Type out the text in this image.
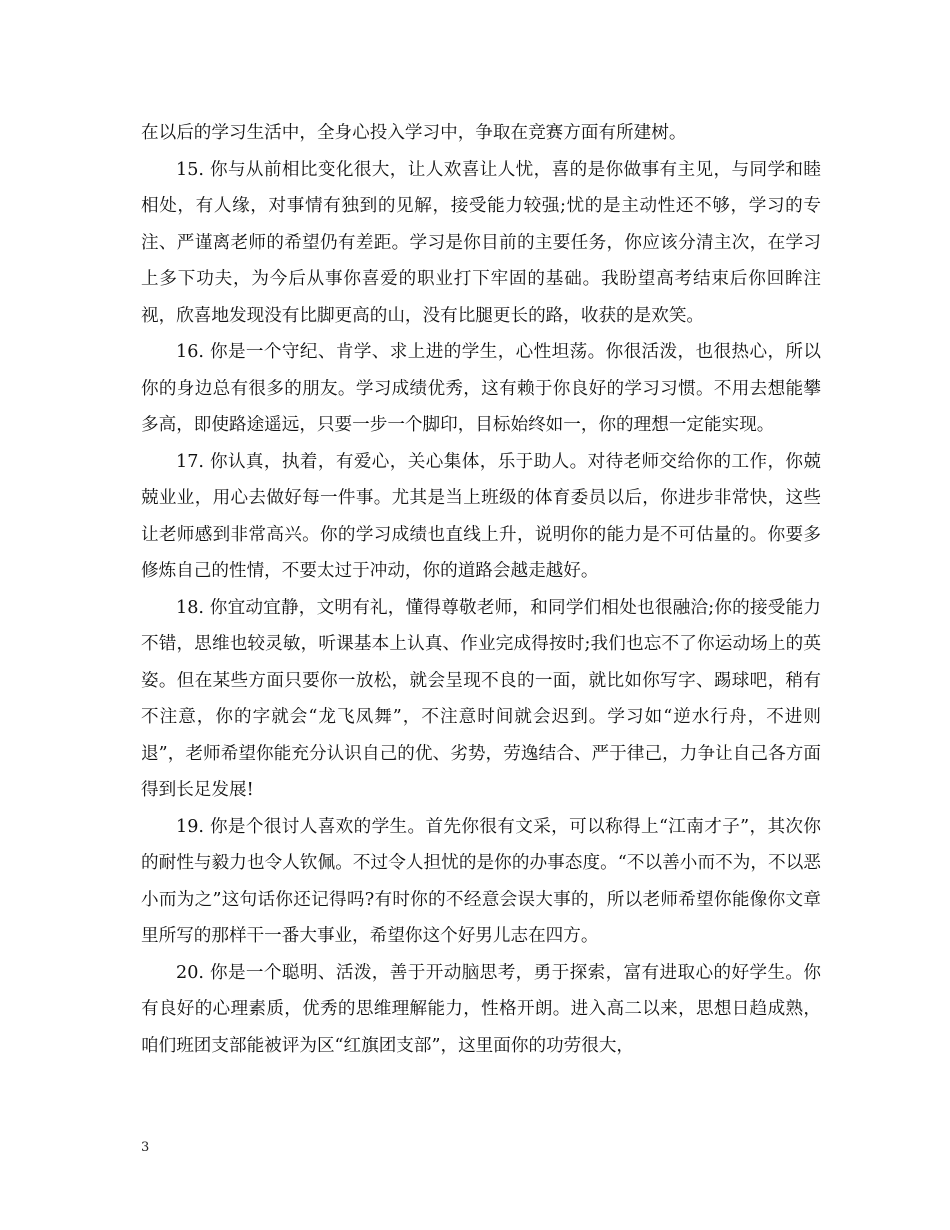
在以后的学习生活中，全身心投入学习中，争取在竞赛方面有所建树。

15. 你与从前相比变化很大，让人欢喜让人忧，喜的是你做事有主见，与同学和睦相处，有人缘，对事情有独到的见解，接受能力较强;忧的是主动性还不够，学习的专注、严谨离老师的希望仍有差距。学习是你目前的主要任务，你应该分清主次，在学习上多下功夫，为今后从事你喜爱的职业打下牢固的基础。我盼望高考结束后你回眸注视，欣喜地发现没有比脚更高的山，没有比腿更长的路，收获的是欢笑。

16. 你是一个守纪、肯学、求上进的学生，心性坦荡。你很活泼，也很热心，所以你的身边总有很多的朋友。学习成绩优秀，这有赖于你良好的学习习惯。不用去想能攀多高，即使路途遥远，只要一步一个脚印，目标始终如一，你的理想一定能实现。

17. 你认真，执着，有爱心，关心集体，乐于助人。对待老师交给你的工作，你兢兢业业，用心去做好每一件事。尤其是当上班级的体育委员以后，你进步非常快，这些让老师感到非常高兴。你的学习成绩也直线上升，说明你的能力是不可估量的。你要多修炼自己的性情，不要太过于冲动，你的道路会越走越好。

18. 你宜动宜静，文明有礼，懂得尊敬老师，和同学们相处也很融洽;你的接受能力不错，思维也较灵敏，听课基本上认真、作业完成得按时;我们也忘不了你运动场上的英姿。但在某些方面只要你一放松，就会呈现不良的一面，就比如你写字、踢球吧，稍有不注意，你的字就会“龙飞凤舞”，不注意时间就会迟到。学习如“逆水行舟，不进则退”，老师希望你能充分认识自己的优、劣势，劳逸结合、严于律己，力争让自己各方面得到长足发展!

19. 你是个很讨人喜欢的学生。首先你很有文采，可以称得上“江南才子”，其次你的耐性与毅力也令人钦佩。不过令人担忧的是你的办事态度。“不以善小而不为，不以恶小而为之”这句话你还记得吗?有时你的不经意会误大事的，所以老师希望你能像你文章里所写的那样干一番大事业，希望你这个好男儿志在四方。

20. 你是一个聪明、活泼，善于开动脑思考，勇于探索，富有进取心的好学生。你有良好的心理素质，优秀的思维理解能力，性格开朗。进入高二以来，思想日趋成熟，咱们班团支部能被评为区“红旗团支部”，这里面你的功劳很大，

3
